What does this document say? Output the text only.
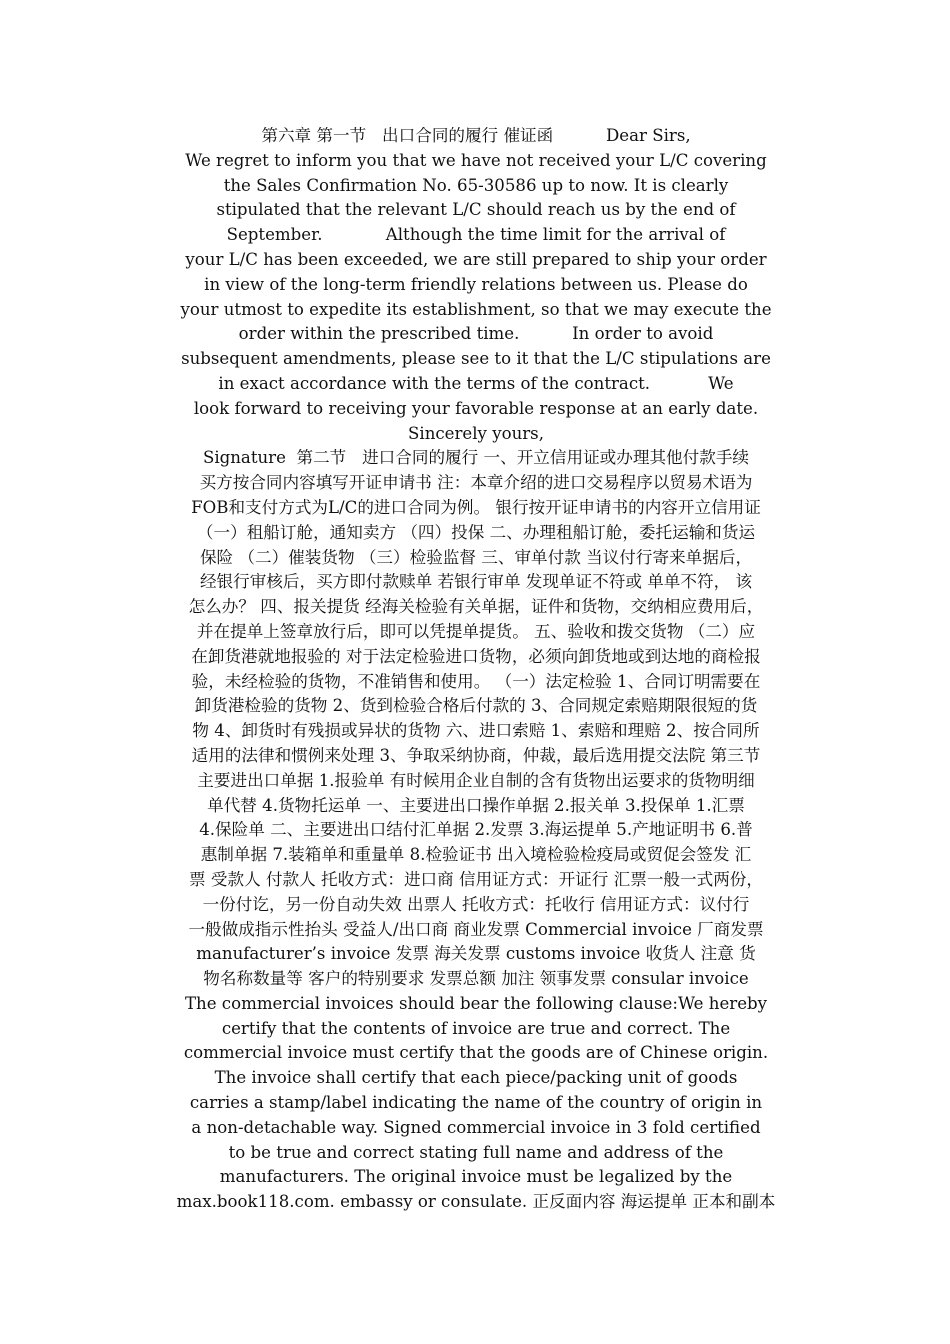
第六章 第一节   出口合同的履行 催证函          Dear Sirs,
We regret to inform you that we have not received your L/C covering
the Sales Confirmation No. 65-30586 up to now. It is clearly
stipulated that the relevant L/C should reach us by the end of
September.            Although the time limit for the arrival of
your L/C has been exceeded, we are still prepared to ship your order
in view of the long-term friendly relations between us. Please do
your utmost to expedite its establishment, so that we may execute the
order within the prescribed time.          In order to avoid
subsequent amendments, please see to it that the L/C stipulations are
in exact accordance with the terms of the contract.           We
look forward to receiving your favorable response at an early date.
Sincerely yours,
Signature  第二节   进口合同的履行 一、开立信用证或办理其他付款手续
买方按合同内容填写开证申请书 注：本章介绍的进口交易程序以贸易术语为
FOB和支付方式为L/C的进口合同为例。 银行按开证申请书的内容开立信用证
（一）租船订舱，通知卖方 （四）投保 二、办理租船订舱，委托运输和货运
保险 （二）催装货物 （三）检验监督 三、审单付款 当议付行寄来单据后，
经银行审核后，买方即付款赎单 若银行审单 发现单证不符或 单单不符， 该
怎么办？ 四、报关提货 经海关检验有关单据，证件和货物，交纳相应费用后，
并在提单上签章放行后，即可以凭提单提货。 五、验收和拨交货物 （二）应
在卸货港就地报验的 对于法定检验进口货物，必须向卸货地或到达地的商检报
验，未经检验的货物，不准销售和使用。 （一）法定检验 1、合同订明需要在
卸货港检验的货物 2、货到检验合格后付款的 3、合同规定索赔期限很短的货
物 4、卸货时有残损或异状的货物 六、进口索赔 1、索赔和理赔 2、按合同所
适用的法律和惯例来处理 3、争取采纳协商，仲裁，最后选用提交法院 第三节
主要进出口单据 1.报验单 有时候用企业自制的含有货物出运要求的货物明细
单代替 4.货物托运单 一、主要进出口操作单据 2.报关单 3.投保单 1.汇票
4.保险单 二、主要进出口结付汇单据 2.发票 3.海运提单 5.产地证明书 6.普
惠制单据 7.装箱单和重量单 8.检验证书 出入境检验检疫局或贸促会签发 汇
票 受款人 付款人 托收方式：进口商 信用证方式：开证行 汇票一般一式两份，
一份付讫，另一份自动失效 出票人 托收方式：托收行 信用证方式：议付行
一般做成指示性抬头 受益人/出口商 商业发票 Commercial invoice 厂商发票
manufacturer’s invoice 发票 海关发票 customs invoice 收货人 注意 货
物名称数量等 客户的特别要求 发票总额 加注 领事发票 consular invoice
The commercial invoices should bear the following clause:We hereby
certify that the contents of invoice are true and correct. The
commercial invoice must certify that the goods are of Chinese origin.
The invoice shall certify that each piece/packing unit of goods
carries a stamp/label indicating the name of the country of origin in
a non-detachable way. Signed commercial invoice in 3 fold certified
to be true and correct stating full name and address of the
manufacturers. The original invoice must be legalized by the
max.book118.com. embassy or consulate. 正反面内容 海运提单 正本和副本
